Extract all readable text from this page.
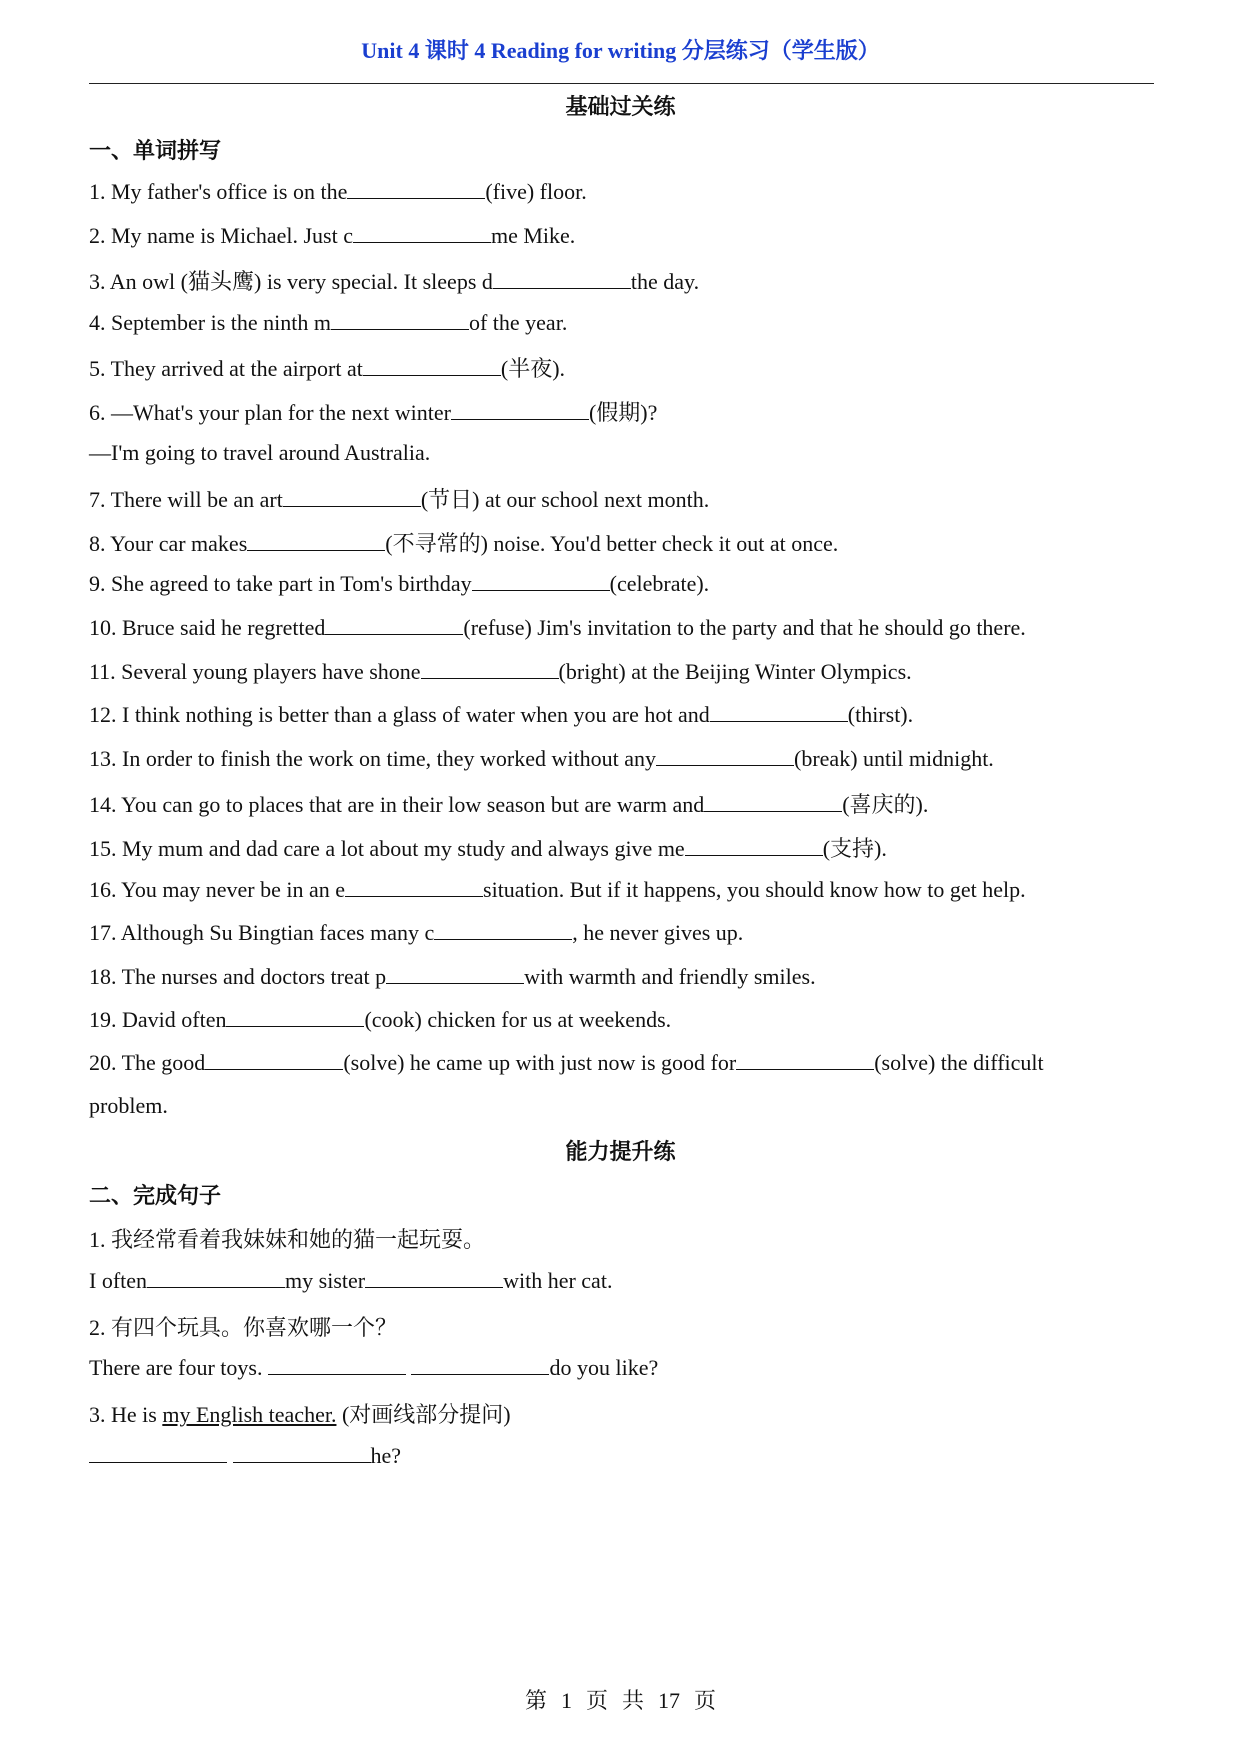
Unit 4 课时 4 Reading for writing 分层练习（学生版）
基础过关练
一、单词拼写
1. My father's office is on the	(five) floor.
2. My name is Michael. Just c	me Mike.
3. An owl (猫头鹰) is very special. It sleeps d	the day.
4. September is the ninth m	of the year.
5. They arrived at the airport at	(半夜).
6. —What's your plan for the next winter	(假期)?
—I'm going to travel around Australia.
7. There will be an art	(节日) at our school next month.
8. Your car makes	(不寻常的) noise. You'd better check it out at once.
9. She agreed to take part in Tom's birthday	(celebrate).
10. Bruce said he regretted	(refuse) Jim's invitation to the party and that he should go there.
11. Several young players have shone	(bright) at the Beijing Winter Olympics.
12. I think nothing is better than a glass of water when you are hot and	(thirst).
13. In order to finish the work on time, they worked without any	(break) until midnight.
14. You can go to places that are in their low season but are warm and	(喜庆的).
15. My mum and dad care a lot about my study and always give me	(支持).
16. You may never be in an e	situation. But if it happens, you should know how to get help.
17. Although Su Bingtian faces many c	, he never gives up.
18. The nurses and doctors treat p	with warmth and friendly smiles.
19. David often	(cook) chicken for us at weekends.
20. The good	(solve) he came up with just now is good for	(solve) the difficult
problem.
能力提升练
二、完成句子
1. 我经常看着我妹妹和她的猫一起玩耍。
I often	my sister	with her cat.
2. 有四个玩具。你喜欢哪一个？
There are four toys.	do you like?
3. He is my English teacher. (对画线部分提问)
he?
第 1 页 共 17 页
